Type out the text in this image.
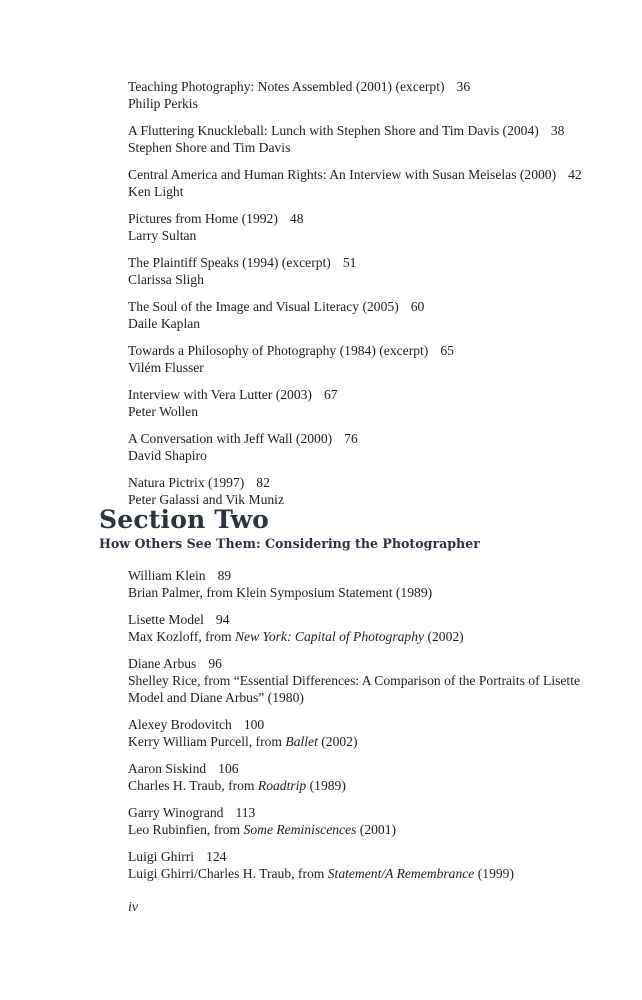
Teaching Photography: Notes Assembled (2001) (excerpt) 36
Philip Perkis
A Fluttering Knuckleball: Lunch with Stephen Shore and Tim Davis (2004) 38
Stephen Shore and Tim Davis
Central America and Human Rights: An Interview with Susan Meiselas (2000) 42
Ken Light
Pictures from Home (1992) 48
Larry Sultan
The Plaintiff Speaks (1994) (excerpt) 51
Clarissa Sligh
The Soul of the Image and Visual Literacy (2005) 60
Daile Kaplan
Towards a Philosophy of Photography (1984) (excerpt) 65
Vilém Flusser
Interview with Vera Lutter (2003) 67
Peter Wollen
A Conversation with Jeff Wall (2000) 76
David Shapiro
Natura Pictrix (1997) 82
Peter Galassi and Vik Muniz
Section Two
How Others See Them: Considering the Photographer
William Klein 89
Brian Palmer, from Klein Symposium Statement (1989)
Lisette Model 94
Max Kozloff, from New York: Capital of Photography (2002)
Diane Arbus 96
Shelley Rice, from “Essential Differences: A Comparison of the Portraits of Lisette Model and Diane Arbus” (1980)
Alexey Brodovitch 100
Kerry William Purcell, from Ballet (2002)
Aaron Siskind 106
Charles H. Traub, from Roadtrip (1989)
Garry Winogrand 113
Leo Rubinfien, from Some Reminiscences (2001)
Luigi Ghirri 124
Luigi Ghirri/Charles H. Traub, from Statement/A Remembrance (1999)
iv
